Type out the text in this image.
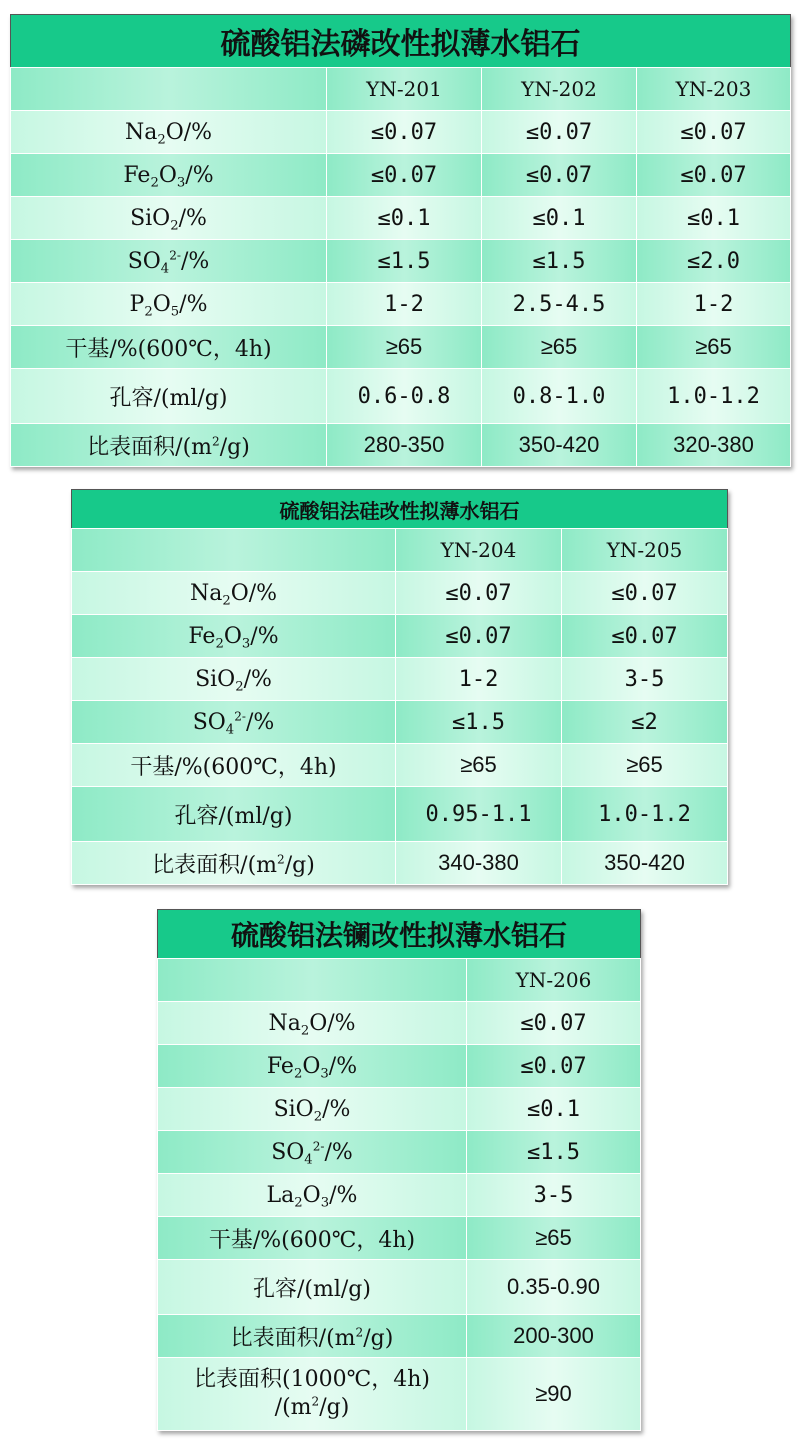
硫酸铝法磷改性拟薄水铝石			
	YN-201	YN-202	YN-203
$Na_2O/\%$	≤0.07	≤0.07	≤0.07
$Fe_2O_3/\%$	≤0.07	≤0.07	≤0.07
SiO$_2$/%	≤0.1	≤0.1	≤0.1
$SO_4^{2-}/\%$	≤1.5	≤1.5	≤2.0
$P_2O_5/\%$	1-2	2.5-4.5	1-2
干基/%(600℃，4h)	≥65	≥65	≥65
孔容/(ml/g)	0.6-0.8	0.8-1.0	1.0-1.2
比表面积$/(m^2/g)$	280-350	350-420	320-380
硫酸铝法硅改性拟薄水铝石		
	YN-204	YN-205
$Na_2O/\%$	≤0.07	≤0.07
$Fe_2O_3/\%$	≤0.07	≤0.07
SiO$_2$/%	1-2	3-5
$SO_4^{2-}/\%$	≤1.5	≤2
干基/%(600℃，4h)	≥65	≥65
孔容/(ml/g)	0.95-1.1	1.0-1.2
比表面积$/(m^2/g)$	340-380	350-420
硫酸铝法镧改性拟薄水铝石	
	YN-206
$Na_2O/\%$	≤0.07
$Fe_2O_3/\%$	≤0.07
SiO$_2$/%	≤0.1
$SO_4^{2-}/\%$	≤1.5
$La_2O_3/\%$	3-5
干基/%(600℃，4h)	≥65
孔容/(ml/g)	0.35-0.90
比表面积$/(m^2/g)$	200-300
比表面积(1000℃，4h)
$/(m^2/g)$	≥90
